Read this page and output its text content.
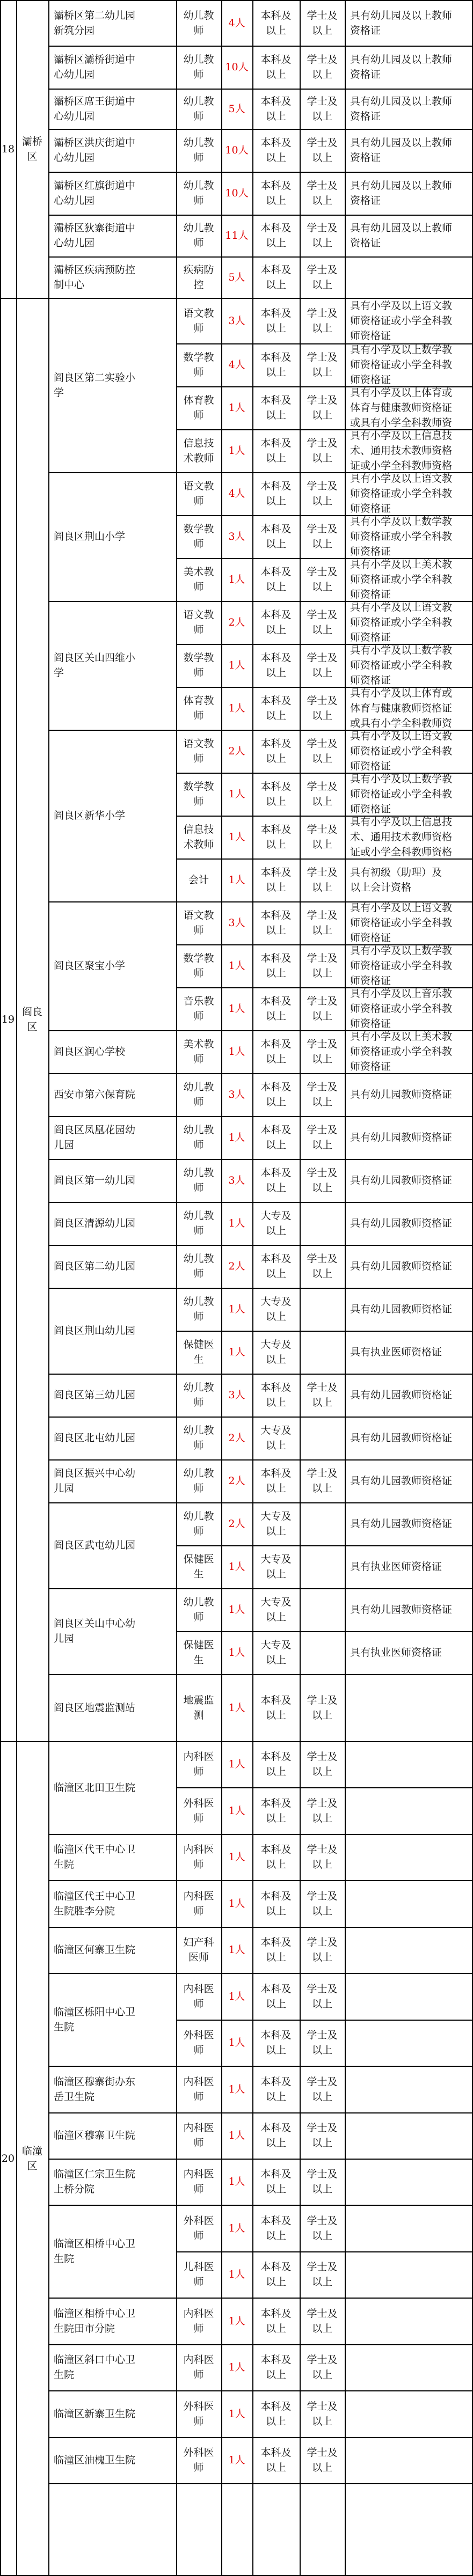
18
灞桥区
19
阎良区
20
临潼区
灞桥区第二幼儿园
新筑分园
幼儿教
师
4人
本科及
以上
学士及
以上
具有幼儿园及以上教师
资格证
灞桥区灞桥街道中
心幼儿园
幼儿教
师
10人
本科及
以上
学士及
以上
具有幼儿园及以上教师
资格证
灞桥区席王街道中
心幼儿园
幼儿教
师
5人
本科及
以上
学士及
以上
具有幼儿园及以上教师
资格证
灞桥区洪庆街道中
心幼儿园
幼儿教
师
10人
本科及
以上
学士及
以上
具有幼儿园及以上教师
资格证
灞桥区红旗街道中
心幼儿园
幼儿教
师
10人
本科及
以上
学士及
以上
具有幼儿园及以上教师
资格证
灞桥区狄寨街道中
心幼儿园
幼儿教
师
11人
本科及
以上
学士及
以上
具有幼儿园及以上教师
资格证
灞桥区疾病预防控
制中心
疾病防
控
5人
本科及
以上
学士及
以上
阎良区第二实验小
学
语文教
师
3人
本科及
以上
学士及
以上
具有小学及以上语文教
师资格证或小学全科教
师资格证
数学教
师
4人
本科及
以上
学士及
以上
具有小学及以上数学教
师资格证或小学全科教
师资格证
体育教
师
1人
本科及
以上
学士及
以上
具有小学及以上体育或
体育与健康教师资格证
或具有小学全科教师资
信息技
术教师
1人
本科及
以上
学士及
以上
具有小学及以上信息技
术、通用技术教师资格
证或小学全科教师资格
阎良区荆山小学
语文教
师
4人
本科及
以上
学士及
以上
具有小学及以上语文教
师资格证或小学全科教
师资格证
数学教
师
3人
本科及
以上
学士及
以上
具有小学及以上数学教
师资格证或小学全科教
师资格证
美术教
师
1人
本科及
以上
学士及
以上
具有小学及以上美术教
师资格证或小学全科教
师资格证
阎良区关山四维小
学
语文教
师
2人
本科及
以上
学士及
以上
具有小学及以上语文教
师资格证或小学全科教
师资格证
数学教
师
1人
本科及
以上
学士及
以上
具有小学及以上数学教
师资格证或小学全科教
师资格证
体育教
师
1人
本科及
以上
学士及
以上
具有小学及以上体育或
体育与健康教师资格证
或具有小学全科教师资
阎良区新华小学
语文教
师
2人
本科及
以上
学士及
以上
具有小学及以上语文教
师资格证或小学全科教
师资格证
数学教
师
1人
本科及
以上
学士及
以上
具有小学及以上数学教
师资格证或小学全科教
师资格证
信息技
术教师
1人
本科及
以上
学士及
以上
具有小学及以上信息技
术、通用技术教师资格
证或小学全科教师资格
会计 1人
本科及
以上
学士及
以上
具有初级（助理）及
以上会计资格
阎良区聚宝小学
语文教
师
3人
本科及
以上
学士及
以上
具有小学及以上语文教
师资格证或小学全科教
师资格证
数学教
师
1人
本科及
以上
学士及
以上
具有小学及以上数学教
师资格证或小学全科教
师资格证
音乐教
师
1人
本科及
以上
学士及
以上
具有小学及以上音乐教
师资格证或小学全科教
师资格证
阎良区润心学校
美术教
师
1人
本科及
以上
学士及
以上
具有小学及以上美术教
师资格证或小学全科教
师资格证
西安市第六保育院
幼儿教
师
3人
本科及
以上
学士及
以上
具有幼儿园教师资格证
阎良区凤凰花园幼
儿园
幼儿教
师
1人
本科及
以上
学士及
以上
具有幼儿园教师资格证
阎良区第一幼儿园
幼儿教
师
3人
本科及
以上
学士及
以上
具有幼儿园教师资格证
阎良区清源幼儿园
幼儿教
师
1人
大专及
以上
具有幼儿园教师资格证
阎良区第二幼儿园
幼儿教
师
2人
本科及
以上
学士及
以上
具有幼儿园教师资格证
阎良区荆山幼儿园
幼儿教
师
1人
大专及
以上
具有幼儿园教师资格证
保健医
生
1人
大专及
以上
具有执业医师资格证
阎良区第三幼儿园
幼儿教
师
3人
本科及
以上
学士及
以上
具有幼儿园教师资格证
阎良区北屯幼儿园
幼儿教
师
2人
大专及
以上
具有幼儿园教师资格证
阎良区振兴中心幼
儿园
幼儿教
师
2人
本科及
以上
学士及
以上
具有幼儿园教师资格证
阎良区武屯幼儿园
幼儿教
师
2人
大专及
以上
具有幼儿园教师资格证
保健医
生
1人
大专及
以上
具有执业医师资格证
阎良区关山中心幼
儿园
幼儿教
师
1人
大专及
以上
具有幼儿园教师资格证
保健医
生
1人
大专及
以上
具有执业医师资格证
阎良区地震监测站
地震监
测
1人
本科及
以上
学士及
以上
临潼区北田卫生院
内科医
师
1人
本科及
以上
学士及
以上
外科医
师
1人
本科及
以上
学士及
以上
临潼区代王中心卫
生院
内科医
师
1人
本科及
以上
学士及
以上
临潼区代王中心卫
生院胜李分院
内科医
师
1人
本科及
以上
学士及
以上
临潼区何寨卫生院
妇产科
医师
1人
本科及
以上
学士及
以上
临潼区栎阳中心卫
生院
内科医
师
1人
本科及
以上
学士及
以上
外科医
师
1人
本科及
以上
学士及
以上
临潼区穆寨街办东
岳卫生院
内科医
师
1人
本科及
以上
学士及
以上
临潼区穆寨卫生院
内科医
师
1人
本科及
以上
学士及
以上
临潼区仁宗卫生院
上桥分院
内科医
师
1人
本科及
以上
学士及
以上
临潼区相桥中心卫
生院
外科医
师
1人
本科及
以上
学士及
以上
儿科医
师
1人
本科及
以上
学士及
以上
临潼区相桥中心卫
生院田市分院
内科医
师
1人
本科及
以上
学士及
以上
临潼区斜口中心卫
生院
内科医
师
1人
本科及
以上
学士及
以上
临潼区新寨卫生院
外科医
师
1人
本科及
以上
学士及
以上
临潼区油槐卫生院
外科医
师
1人
本科及
以上
学士及
以上
